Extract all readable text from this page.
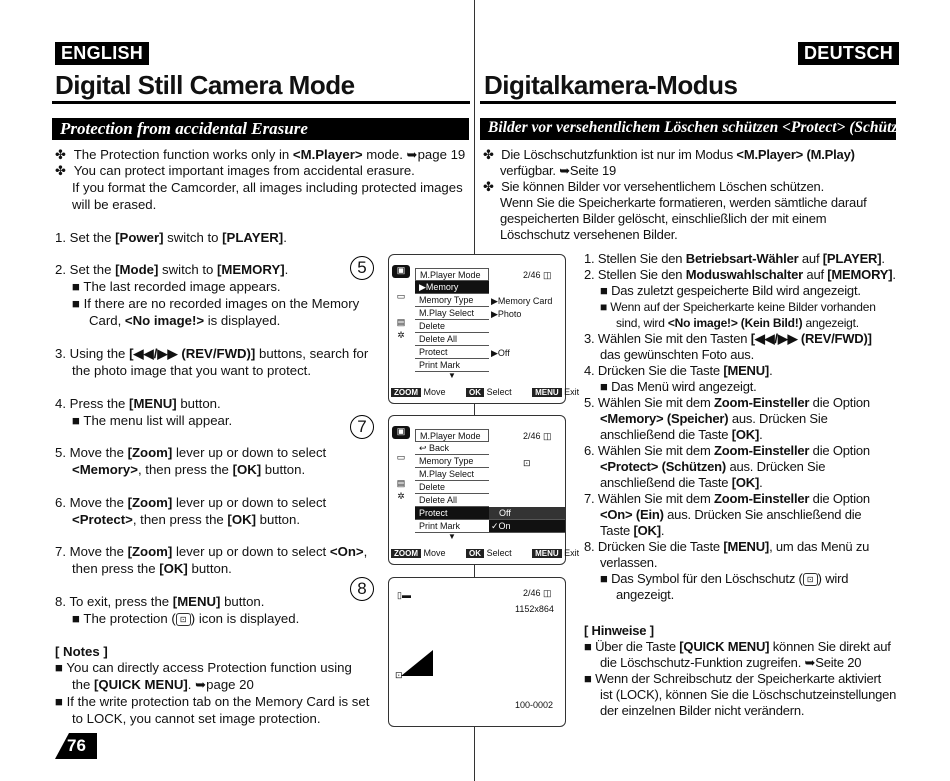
ENGLISH	DEUTSCH
Digital Still Camera Mode	Digitalkamera-Modus
Protection from accidental Erasure	Bilder vor versehentlichem Löschen schützen <Protect> (Schützen)
✤ The Protection function works only in <M.Player> mode. ➥page 19
✤ You can protect important images from accidental erasure.
If you format the Camcorder, all images including protected images
will be erased.
1. Set the [Power] switch to [PLAYER].
2. Set the [Mode] switch to [MEMORY].
■ The last recorded image appears.
■ If there are no recorded images on the Memory
Card, <No image!> is displayed.
3. Using the [◀◀/▶▶ (REV/FWD)] buttons, search for
the photo image that you want to protect.
4. Press the [MENU] button.
■ The menu list will appear.
5. Move the [Zoom] lever up or down to select
<Memory>, then press the [OK] button.
6. Move the [Zoom] lever up or down to select
<Protect>, then press the [OK] button.
7. Move the [Zoom] lever up or down to select <On>,
then press the [OK] button.
8. To exit, press the [MENU] button.
■ The protection ( ⊡ ) icon is displayed.
[ Notes ]
■ You can directly access Protection function using
the [QUICK MENU]. ➥page 20
■ If the write protection tab on the Memory Card is set
to LOCK, you cannot set image protection.
76
5
7
8
▣
▭
▤
✲
M.Player Mode
▶Memory
Memory Type
M.Play Select
Delete
Delete All
Protect
Print Mark
▼
2/46 ◫
▶Memory Card
▶Photo
▶Off
ZOOM Move	OK Select	MENU Exit
▣
▭
▤
✲
M.Player Mode
↩ Back
Memory Type
M.Play Select
Delete
Delete All
Protect
Print Mark
▼
2/46 ◫
⊡
Off
✓On
ZOOM Move	OK Select	MENU Exit
▯▬	2/46 ◫
1152x864
⊡
100-0002
✤ Die Löschschutzfunktion ist nur im Modus <M.Player> (M.Play)
verfügbar. ➥Seite 19
✤ Sie können Bilder vor versehentlichem Löschen schützen.
Wenn Sie die Speicherkarte formatieren, werden sämtliche darauf
gespeicherten Bilder gelöscht, einschließlich der mit einem
Löschschutz versehenen Bilder.
1. Stellen Sie den Betriebsart-Wähler auf [PLAYER].
2. Stellen Sie den Moduswahlschalter auf [MEMORY].
■ Das zuletzt gespeicherte Bild wird angezeigt.
■ Wenn auf der Speicherkarte keine Bilder vorhanden
sind, wird <No image!> (Kein Bild!) angezeigt.
3. Wählen Sie mit den Tasten [◀◀/▶▶ (REV/FWD)]
das gewünschten Foto aus.
4. Drücken Sie die Taste [MENU].
■ Das Menü wird angezeigt.
5. Wählen Sie mit dem Zoom-Einsteller die Option
<Memory> (Speicher) aus. Drücken Sie
anschließend die Taste [OK].
6. Wählen Sie mit dem Zoom-Einsteller die Option
<Protect> (Schützen) aus. Drücken Sie
anschließend die Taste [OK].
7. Wählen Sie mit dem Zoom-Einsteller die Option
<On> (Ein) aus. Drücken Sie anschließend die
Taste [OK].
8. Drücken Sie die Taste [MENU], um das Menü zu
verlassen.
■ Das Symbol für den Löschschutz ( ⊡ ) wird
angezeigt.
[ Hinweise ]
■ Über die Taste [QUICK MENU] können Sie direkt auf
die Löschschutz-Funktion zugreifen. ➥Seite 20
■ Wenn der Schreibschutz der Speicherkarte aktiviert
ist (LOCK), können Sie die Löschschutzeinstellungen
der einzelnen Bilder nicht verändern.
